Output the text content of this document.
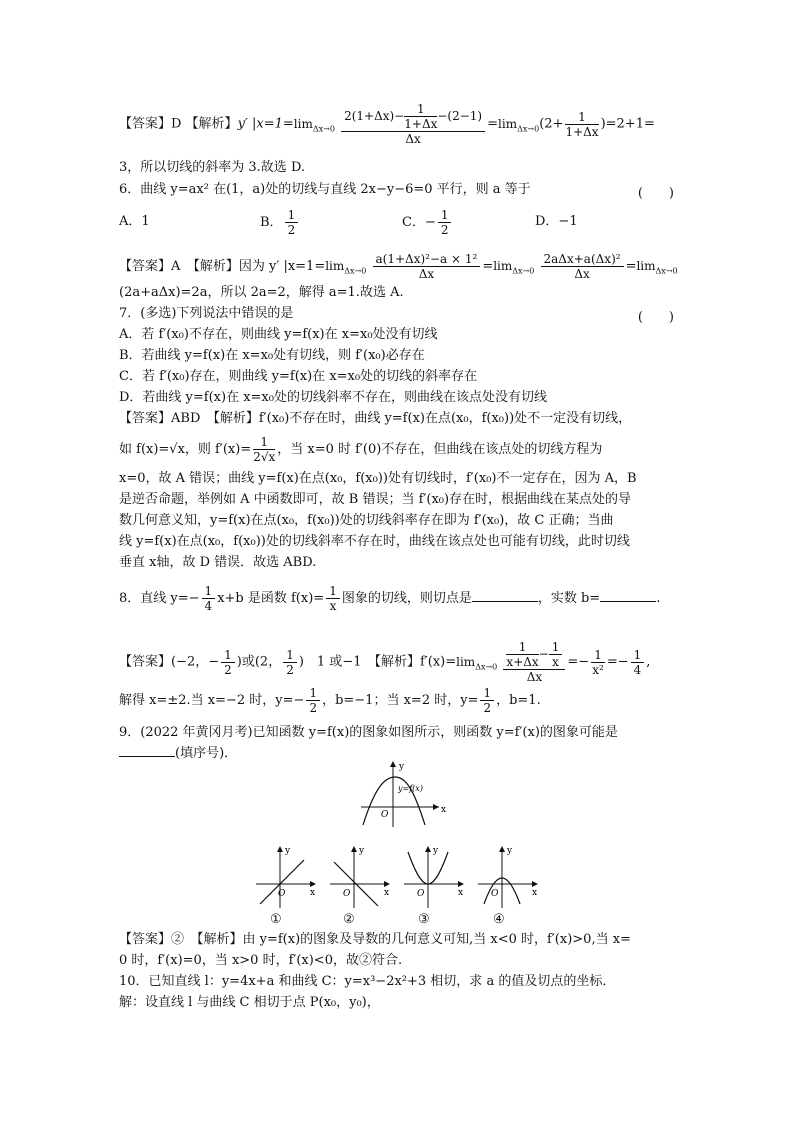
【答案】D 【解析】y′ $|x=1=\lim_{\Delta x\to 0} \frac{2(1+\Delta x)- \frac{1}{1+\Delta x} -(2-1)}{\Delta x} =\lim_{\Delta x\to 0}(2+ \frac{1}{1+\Delta x} )=2+1=$
3，所以切线的斜率为 3.故选 D.
6．曲线 y=ax² 在(1，a)处的切线与直线 2x−y−6=0 平行，则 a 等于	(　　)
A．1	B． $\frac{1}{2}$	C．− $\frac{1}{2}$	D．−1
【答案】A　【解析】因为 y′ $|x=1=\lim_{\Delta x\to 0} \frac{\text{a(1+Δx)²−a × 1²}}{\Delta x} =\lim_{\Delta x\to 0} \frac{\text{2aΔx+a(Δx)²}}{\Delta x} =\lim_{\Delta x\to 0}$
(2a+aΔx)=2a，所以 2a=2，解得 a=1.故选 A.
7．(多选)下列说法中错误的是	(　　)
A．若 f′(x₀)不存在，则曲线 y=f(x)在 x=x₀处没有切线
B．若曲线 y=f(x)在 x=x₀处有切线，则 f′(x₀)必存在
C．若 f′(x₀)存在，则曲线 y=f(x)在 x=x₀处的切线的斜率存在
D．若曲线 y=f(x)在 x=x₀处的切线斜率不存在，则曲线在该点处没有切线
【答案】ABD　【解析】f′(x₀)不存在时，曲线 y=f(x)在点(x₀，f(x₀))处不一定没有切线，
如 f(x)=√x，则 $f'(x)= \frac{1}{2√x}$ ，当 x=0 时 f′(0)不存在，但曲线在该点处的切线方程为
x=0，故 A 错误；曲线 y=f(x)在点(x₀，f(x₀))处有切线时，f′(x₀)不一定存在，因为 A，B
是逆否命题，举例如 A 中函数即可，故 B 错误；当 f′(x₀)存在时，根据曲线在某点处的导
数几何意义知，y=f(x)在点(x₀，f(x₀))处的切线斜率存在即为 f′(x₀)，故 C 正确；当曲
线 y=f(x)在点(x₀，f(x₀))处的切线斜率不存在时，曲线在该点处也可能有切线，此时切线
垂直 x轴，故 D 错误．故选 ABD.
8．直线 $y=- \frac{1}{4} x+b$ 是函数 $f(x)= \frac{1}{x}$ 图象的切线，则切点是	，实数 b=	.
【答案】(−2，− $\frac{1}{2}$ )或(2， $\frac{1}{2}$ )　1 或−1　【解析】$f'(x)=\lim_{\Delta x\to 0} \frac{\frac{1}{x+\Delta x} - \frac{1}{x}}{\Delta x} =- \frac{1}{\text{x²}} =- \frac{1}{4}$ ,
解得 x=±2.当 x=−2 时，$y=- \frac{1}{2}$ ，b=−1；当 x=2 时，$y= \frac{1}{2}$ ，b=1.
9．(2022 年黄冈月考)已知函数 y=f(x)的图象如图所示，则函数 y=f′(x)的图象可能是
(填序号)．
y
y=f(x)
x
O
y
x
O
y
x
O
y
x
O
y
x
O
①	②	③	④
【答案】②　【解析】由 y=f(x)的图象及导数的几何意义可知,当 x<0 时，f′(x)>0,当 x=
0 时，f′(x)=0，当 x>0 时，f′(x)<0，故②符合.
10．已知直线 l：y=4x+a 和曲线 C：y=x³−2x²+3 相切，求 a 的值及切点的坐标．
解：设直线 l 与曲线 C 相切于点 P(x₀，y₀)，
